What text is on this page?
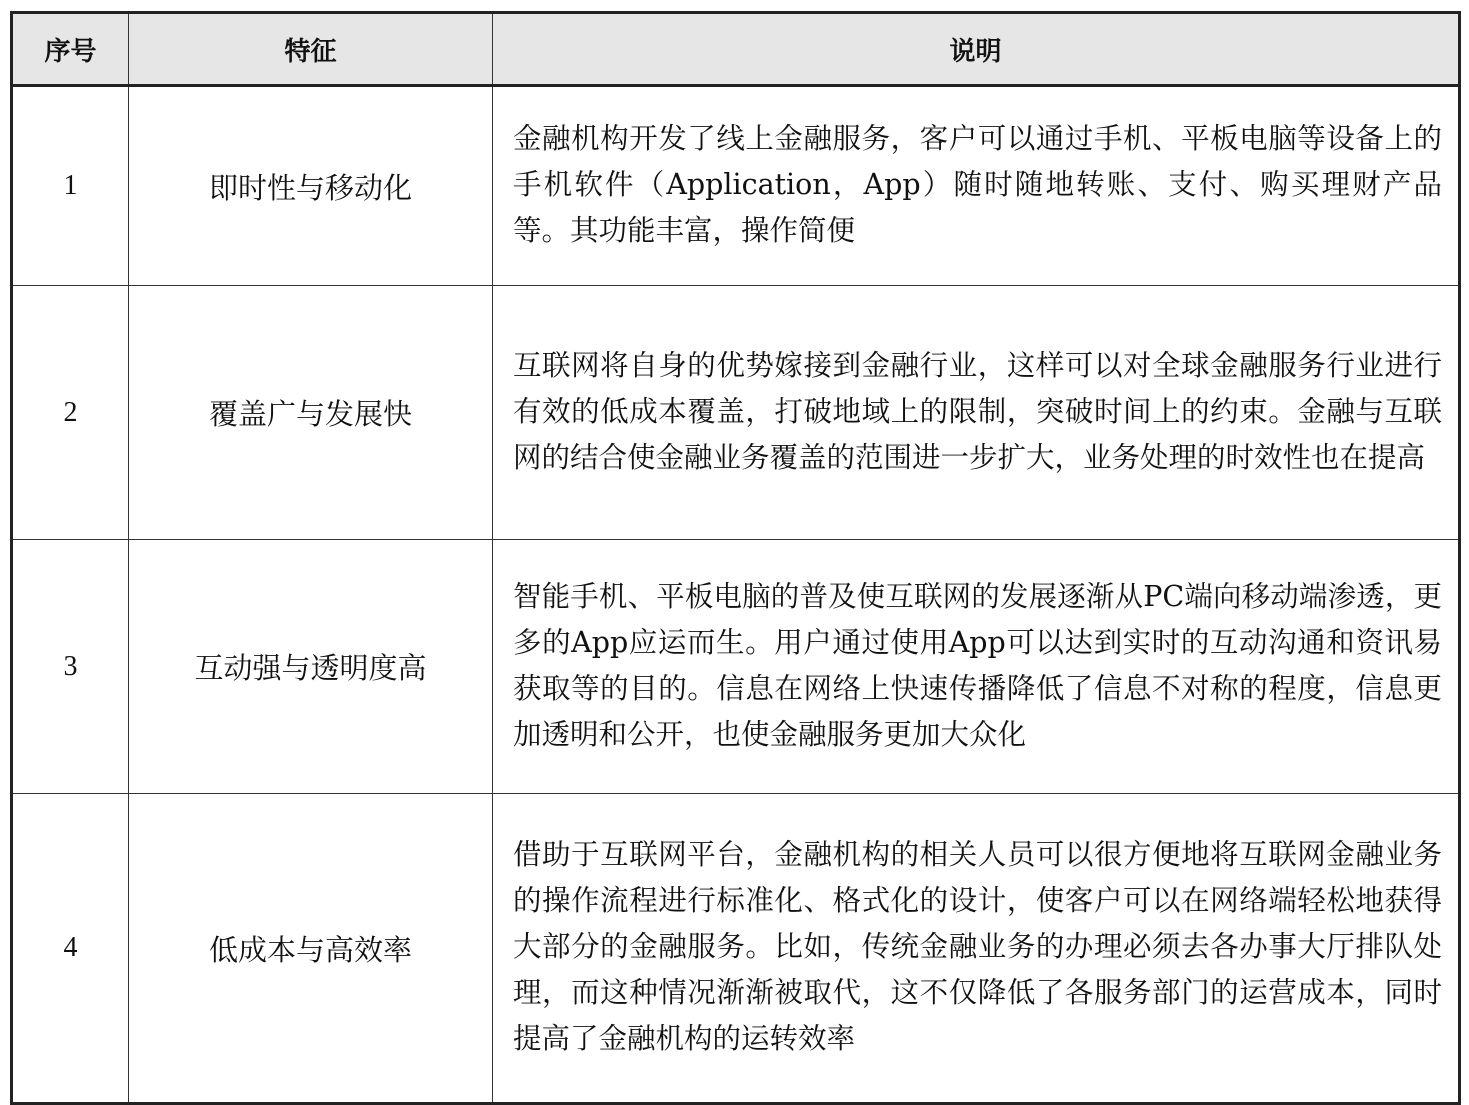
序号	特征	说明
1	即时性与移动化	金融机构开发了线上金融服务，客户可以通过手机、平板电脑等设备上的手机软件（Application，App）随时随地转账、支付、购买理财产品等。其功能丰富，操作简便
2	覆盖广与发展快	互联网将自身的优势嫁接到金融行业，这样可以对全球金融服务行业进行有效的低成本覆盖，打破地域上的限制，突破时间上的约束。金融与互联网的结合使金融业务覆盖的范围进一步扩大，业务处理的时效性也在提高
3	互动强与透明度高	智能手机、平板电脑的普及使互联网的发展逐渐从PC端向移动端渗透，更多的App应运而生。用户通过使用App可以达到实时的互动沟通和资讯易获取等的目的。信息在网络上快速传播降低了信息不对称的程度，信息更加透明和公开，也使金融服务更加大众化
4	低成本与高效率	借助于互联网平台，金融机构的相关人员可以很方便地将互联网金融业务的操作流程进行标准化、格式化的设计，使客户可以在网络端轻松地获得大部分的金融服务。比如，传统金融业务的办理必须去各办事大厅排队处理，而这种情况渐渐被取代，这不仅降低了各服务部门的运营成本，同时提高了金融机构的运转效率
